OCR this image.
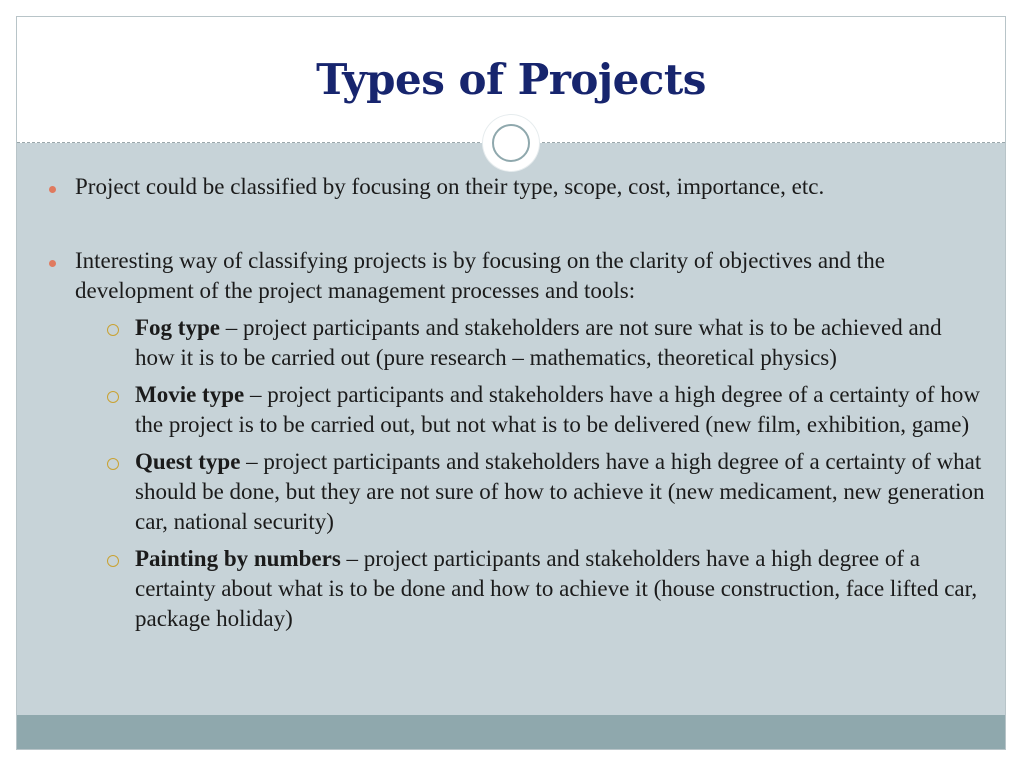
Types of Projects
Project could be classified by focusing on their type, scope, cost, importance, etc.
Interesting way of classifying projects is by focusing on the clarity of objectives and the development of the project management processes and tools:
Fog type – project participants and stakeholders are not sure what is to be achieved and how it is to be carried out (pure research – mathematics, theoretical physics)
Movie type – project participants and stakeholders have a high degree of a certainty of how the project is to be carried out, but not what is to be delivered (new film, exhibition, game)
Quest type – project participants and stakeholders have a high degree of a certainty of what should be done, but they are not sure of how to achieve it (new medicament, new generation car, national security)
Painting by numbers – project participants and stakeholders have a high degree of a certainty about what is to be done and how to achieve it (house construction, face lifted car, package holiday)
